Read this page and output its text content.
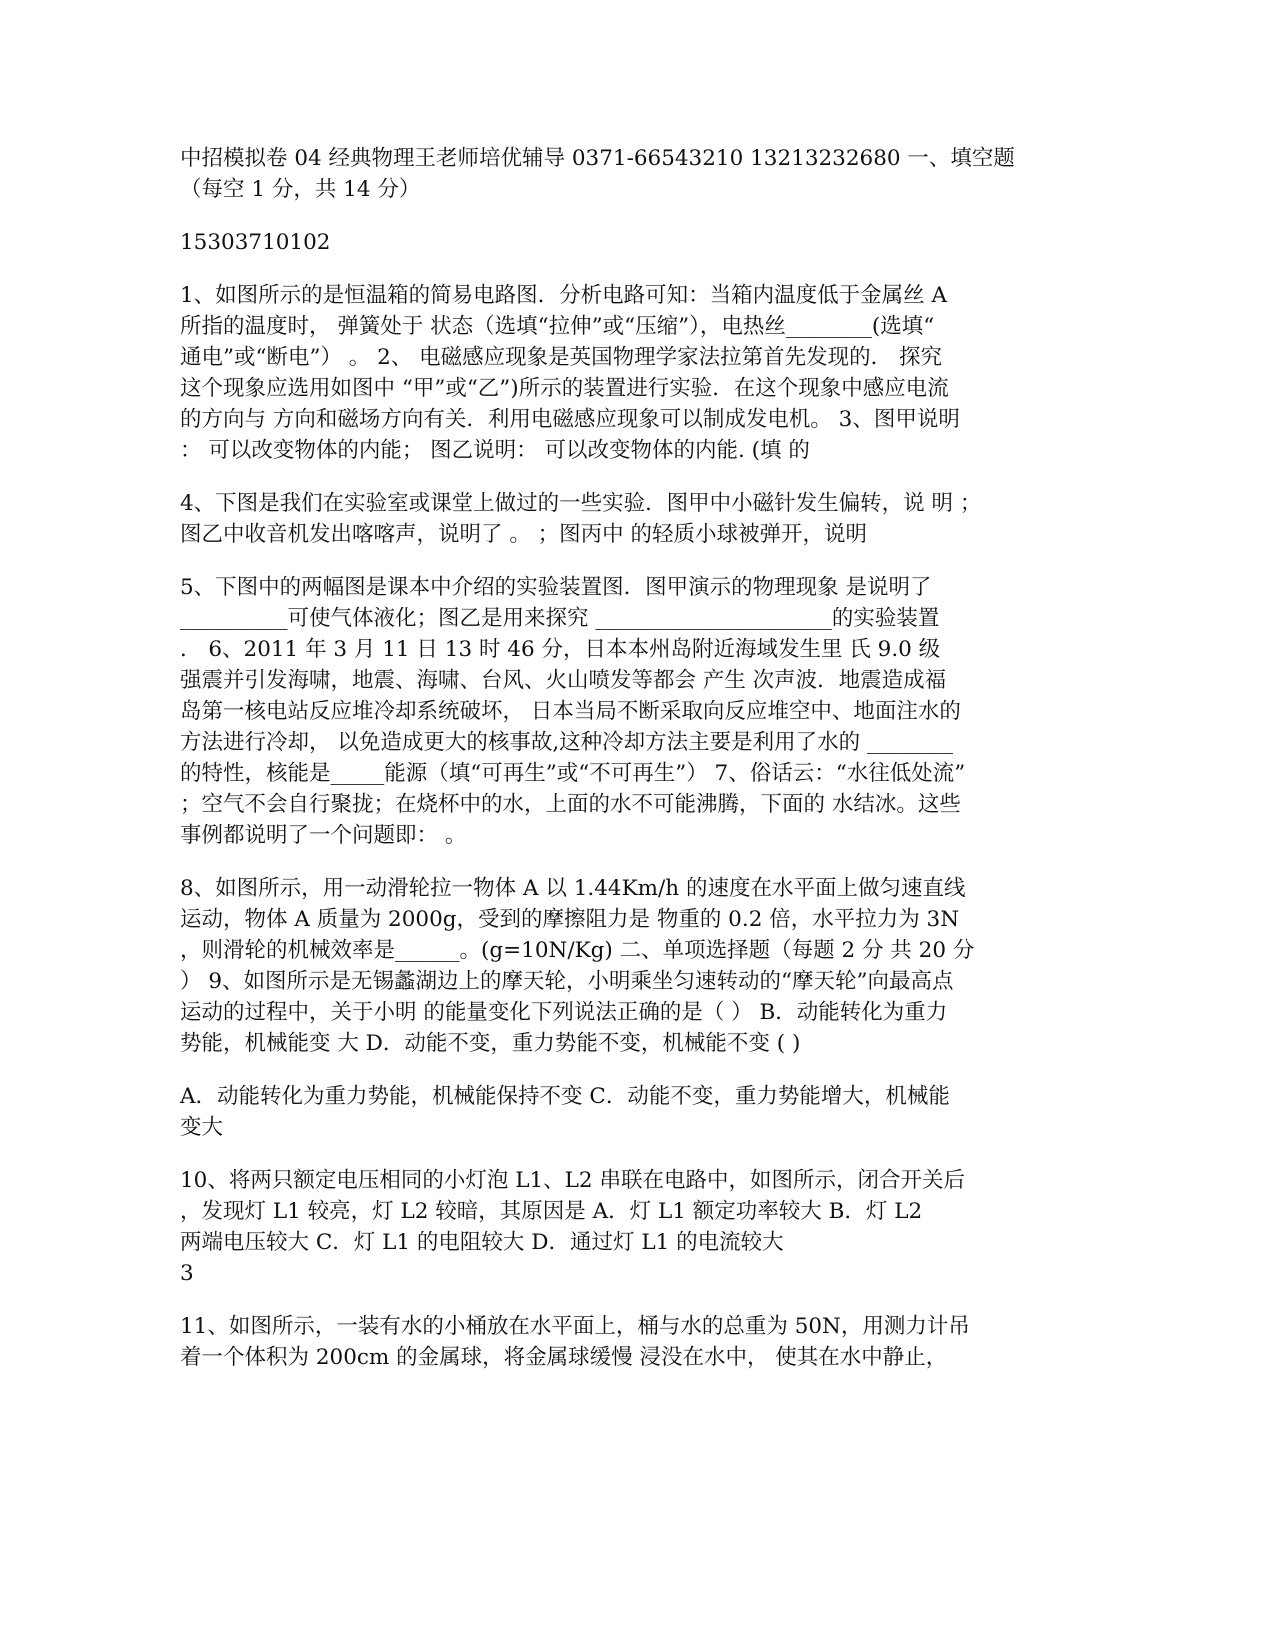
中招模拟卷 04 经典物理王老师培优辅导 0371-66543210 13213232680 一、填空题
（每空 1 分，共 14 分）
15303710102
1、如图所示的是恒温箱的简易电路图．分析电路可知：当箱内温度低于金属丝 A
所指的温度时， 弹簧处于 状态（选填“拉伸”或“压缩”），电热丝________(选填“
通电”或“断电”） 。 2、 电磁感应现象是英国物理学家法拉第首先发现的． 探究
这个现象应选用如图中 “甲”或“乙”)所示的装置进行实验．在这个现象中感应电流
的方向与 方向和磁场方向有关．利用电磁感应现象可以制成发电机。 3、图甲说明
： 可以改变物体的内能； 图乙说明： 可以改变物体的内能. (填 的
4、下图是我们在实验室或课堂上做过的一些实验．图甲中小磁针发生偏转，说 明 ；
图乙中收音机发出喀喀声，说明了 。 ；图丙中 的轻质小球被弹开，说明
5、下图中的两幅图是课本中介绍的实验装置图．图甲演示的物理现象 是说明了
__________可使气体液化；图乙是用来探究 ______________________的实验装置
． 6、2011 年 3 月 11 日 13 时 46 分，日本本州岛附近海域发生里 氏 9.0 级
强震并引发海啸，地震、海啸、台风、火山喷发等都会 产生 次声波．地震造成福
岛第一核电站反应堆冷却系统破坏， 日本当局不断采取向反应堆空中、地面注水的
方法进行冷却， 以免造成更大的核事故,这种冷却方法主要是利用了水的 ________
的特性，核能是_____能源（填“可再生”或“不可再生”） 7、俗话云：“水往低处流”
；空气不会自行聚拢；在烧杯中的水，上面的水不可能沸腾，下面的 水结冰。这些
事例都说明了一个问题即： 。
8、如图所示，用一动滑轮拉一物体 A 以 1.44Km/h 的速度在水平面上做匀速直线
运动，物体 A 质量为 2000g，受到的摩擦阻力是 物重的 0.2 倍，水平拉力为 3N
，则滑轮的机械效率是______。(g=10N/Kg) 二、单项选择题（每题 2 分 共 20 分
） 9、如图所示是无锡蠡湖边上的摩天轮，小明乘坐匀速转动的“摩天轮”向最高点
运动的过程中，关于小明 的能量变化下列说法正确的是（ ） B．动能转化为重力
势能，机械能变 大 D．动能不变，重力势能不变，机械能不变 ( )
A．动能转化为重力势能，机械能保持不变 C．动能不变，重力势能增大，机械能
变大
10、将两只额定电压相同的小灯泡 L1、L2 串联在电路中，如图所示，闭合开关后
，发现灯 L1 较亮，灯 L2 较暗，其原因是 A．灯 L1 额定功率较大 B．灯 L2
两端电压较大 C．灯 L1 的电阻较大 D．通过灯 L1 的电流较大
3
11、如图所示，一装有水的小桶放在水平面上，桶与水的总重为 50N，用测力计吊
着一个体积为 200cm 的金属球，将金属球缓慢 浸没在水中， 使其在水中静止，
